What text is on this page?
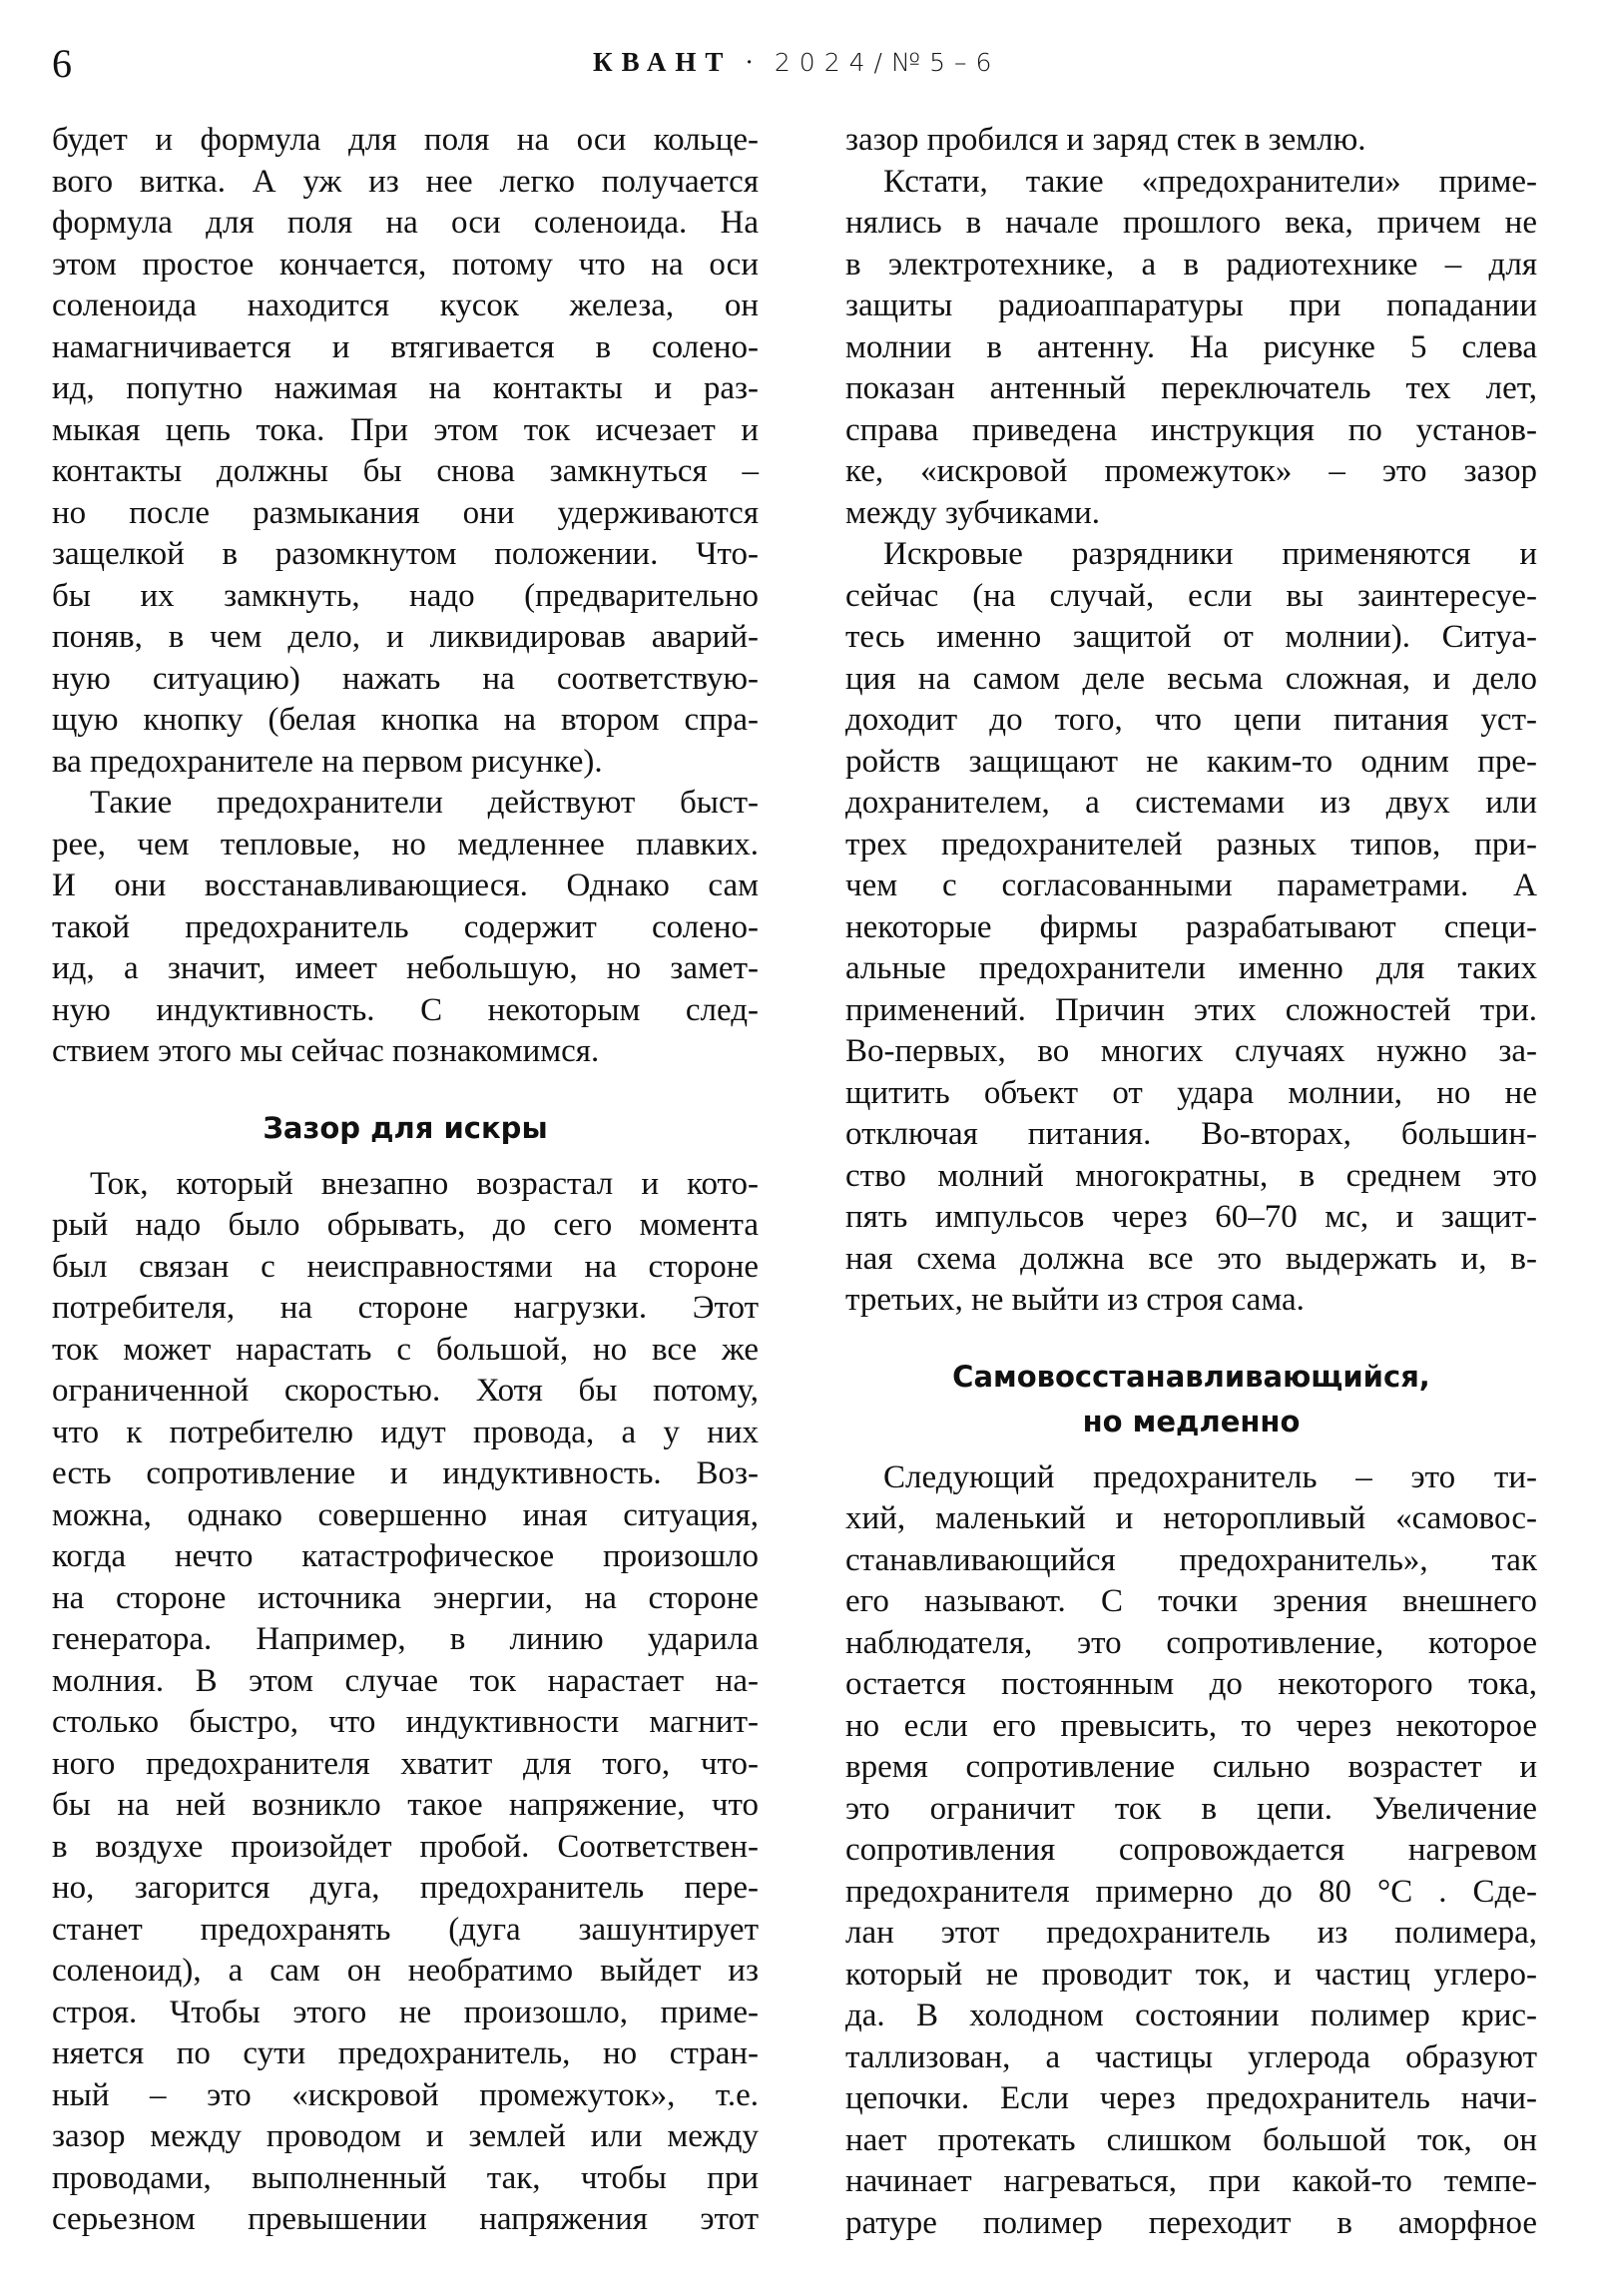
6	КВАНТ · 2024/№5–6
будет и формула для поля на оси кольце-
вого витка. А уж из нее легко получается
формула для поля на оси соленоида. На
этом простое кончается, потому что на оси
соленоида находится кусок железа, он
намагничивается и втягивается в солено-
ид, попутно нажимая на контакты и раз-
мыкая цепь тока. При этом ток исчезает и
контакты должны бы снова замкнуться –
но после размыкания они удерживаются
защелкой в разомкнутом положении. Что-
бы их замкнуть, надо (предварительно
поняв, в чем дело, и ликвидировав аварий-
ную ситуацию) нажать на соответствую-
щую кнопку (белая кнопка на втором спра-
ва предохранителе на первом рисунке).
Такие предохранители действуют быст-
рее, чем тепловые, но медленнее плавких.
И они восстанавливающиеся. Однако сам
такой предохранитель содержит солено-
ид, а значит, имеет небольшую, но замет-
ную индуктивность. С некоторым след-
ствием этого мы сейчас познакомимся.
Зазор для искры
Ток, который внезапно возрастал и кото-
рый надо было обрывать, до сего момента
был связан с неисправностями на стороне
потребителя, на стороне нагрузки. Этот
ток может нарастать с большой, но все же
ограниченной скоростью. Хотя бы потому,
что к потребителю идут провода, а у них
есть сопротивление и индуктивность. Воз-
можна, однако совершенно иная ситуация,
когда нечто катастрофическое произошло
на стороне источника энергии, на стороне
генератора. Например, в линию ударила
молния. В этом случае ток нарастает на-
столько быстро, что индуктивности магнит-
ного предохранителя хватит для того, что-
бы на ней возникло такое напряжение, что
в воздухе произойдет пробой. Соответствен-
но, загорится дуга, предохранитель пере-
станет предохранять (дуга зашунтирует
соленоид), а сам он необратимо выйдет из
строя. Чтобы этого не произошло, приме-
няется по сути предохранитель, но стран-
ный – это «искровой промежуток», т.е.
зазор между проводом и землей или между
проводами, выполненный так, чтобы при
серьезном превышении напряжения этот
зазор пробился и заряд стек в землю.
Кстати, такие «предохранители» приме-
нялись в начале прошлого века, причем не
в электротехнике, а в радиотехнике – для
защиты радиоаппаратуры при попадании
молнии в антенну. На рисунке 5 слева
показан антенный переключатель тех лет,
справа приведена инструкция по установ-
ке, «искровой промежуток» – это зазор
между зубчиками.
Искровые разрядники применяются и
сейчас (на случай, если вы заинтересуе-
тесь именно защитой от молнии). Ситуа-
ция на самом деле весьма сложная, и дело
доходит до того, что цепи питания уст-
ройств защищают не каким-то одним пре-
дохранителем, а системами из двух или
трех предохранителей разных типов, при-
чем с согласованными параметрами. А
некоторые фирмы разрабатывают специ-
альные предохранители именно для таких
применений. Причин этих сложностей три.
Во-первых, во многих случаях нужно за-
щитить объект от удара молнии, но не
отключая питания. Во-вторах, большин-
ство молний многократны, в среднем это
пять импульсов через 60–70 мс, и защит-
ная схема должна все это выдержать и, в-
третьих, не выйти из строя сама.
Самовосстанавливающийся,
но медленно
Следующий предохранитель – это ти-
хий, маленький и неторопливый «самовос-
станавливающийся предохранитель», так
его называют. С точки зрения внешнего
наблюдателя, это сопротивление, которое
остается постоянным до некоторого тока,
но если его превысить, то через некоторое
время сопротивление сильно возрастет и
это ограничит ток в цепи. Увеличение
сопротивления сопровождается нагревом
предохранителя примерно до 80 °C . Сде-
лан этот предохранитель из полимера,
который не проводит ток, и частиц углеро-
да. В холодном состоянии полимер крис-
таллизован, а частицы углерода образуют
цепочки. Если через предохранитель начи-
нает протекать слишком большой ток, он
начинает нагреваться, при какой-то темпе-
ратуре полимер переходит в аморфное
